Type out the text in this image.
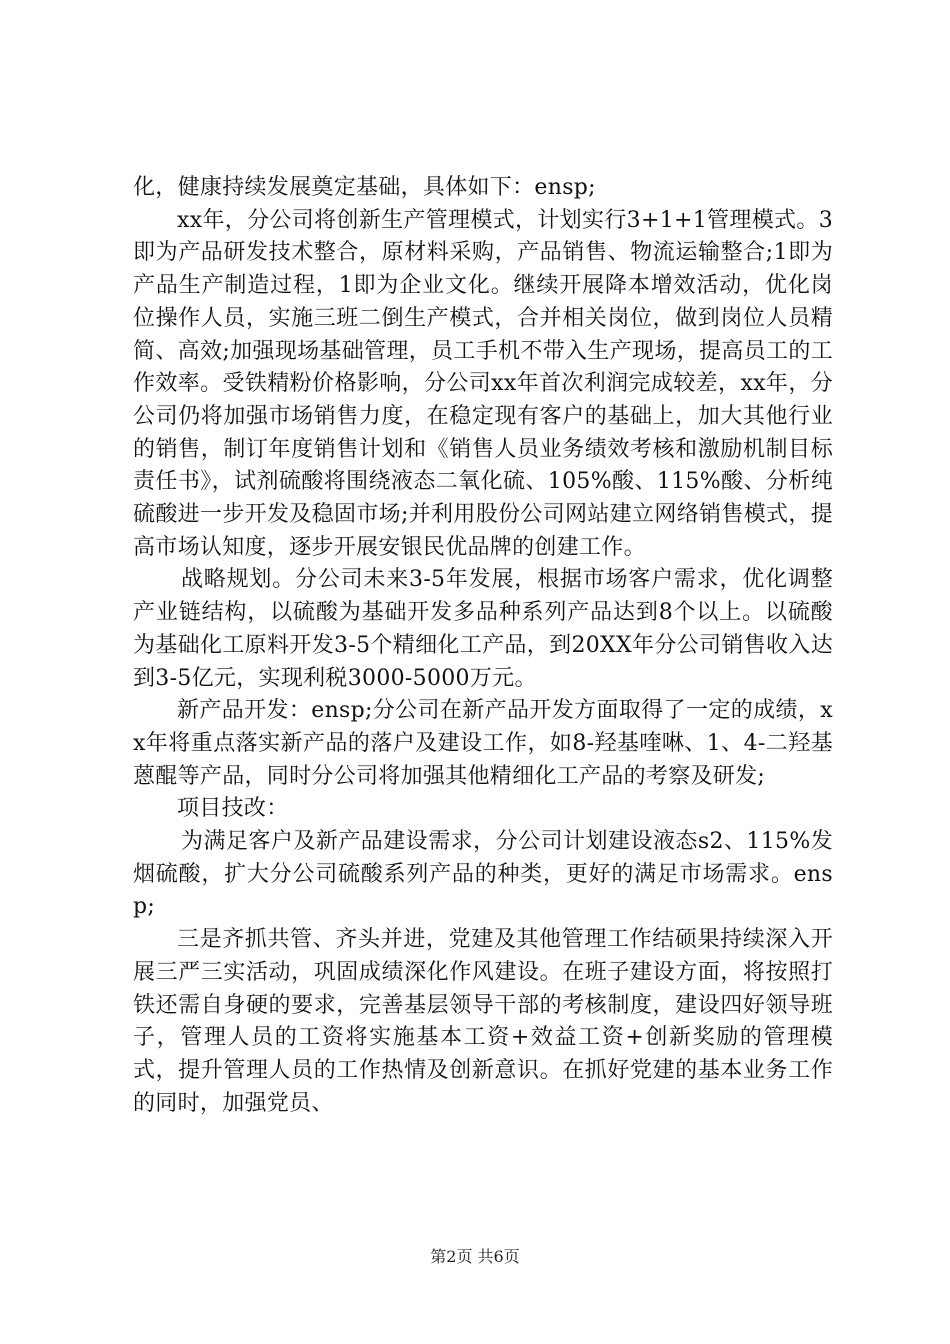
化，健康持续发展奠定基础，具体如下：ensp;

xx年，分公司将创新生产管理模式，计划实行3+1+1管理模式。3即为产品研发技术整合，原材料采购，产品销售、物流运输整合;1即为产品生产制造过程，1即为企业文化。继续开展降本增效活动，优化岗位操作人员，实施三班二倒生产模式，合并相关岗位，做到岗位人员精简、高效;加强现场基础管理，员工手机不带入生产现场，提高员工的工作效率。受铁精粉价格影响，分公司xx年首次利润完成较差，xx年，分公司仍将加强市场销售力度，在稳定现有客户的基础上，加大其他行业的销售，制订年度销售计划和《销售人员业务绩效考核和激励机制目标责任书》，试剂硫酸将围绕液态二氧化硫、105%酸、115%酸、分析纯硫酸进一步开发及稳固市场;并利用股份公司网站建立网络销售模式，提高市场认知度，逐步开展安银民优品牌的创建工作。

战略规划。分公司未来3-5年发展，根据市场客户需求，优化调整产业链结构，以硫酸为基础开发多品种系列产品达到8个以上。以硫酸为基础化工原料开发3-5个精细化工产品，到20XX年分公司销售收入达到3-5亿元，实现利税3000-5000万元。

新产品开发：ensp;分公司在新产品开发方面取得了一定的成绩，xx年将重点落实新产品的落户及建设工作，如8-羟基喹啉、1、4-二羟基蒽醌等产品，同时分公司将加强其他精细化工产品的考察及研发;

项目技改：

为满足客户及新产品建设需求，分公司计划建设液态s2、115%发烟硫酸，扩大分公司硫酸系列产品的种类，更好的满足市场需求。ensp;

三是齐抓共管、齐头并进，党建及其他管理工作结硕果持续深入开展三严三实活动，巩固成绩深化作风建设。在班子建设方面，将按照打铁还需自身硬的要求，完善基层领导干部的考核制度，建设四好领导班子，管理人员的工资将实施基本工资+效益工资+创新奖励的管理模式，提升管理人员的工作热情及创新意识。在抓好党建的基本业务工作的同时，加强党员、

第2页 共6页
